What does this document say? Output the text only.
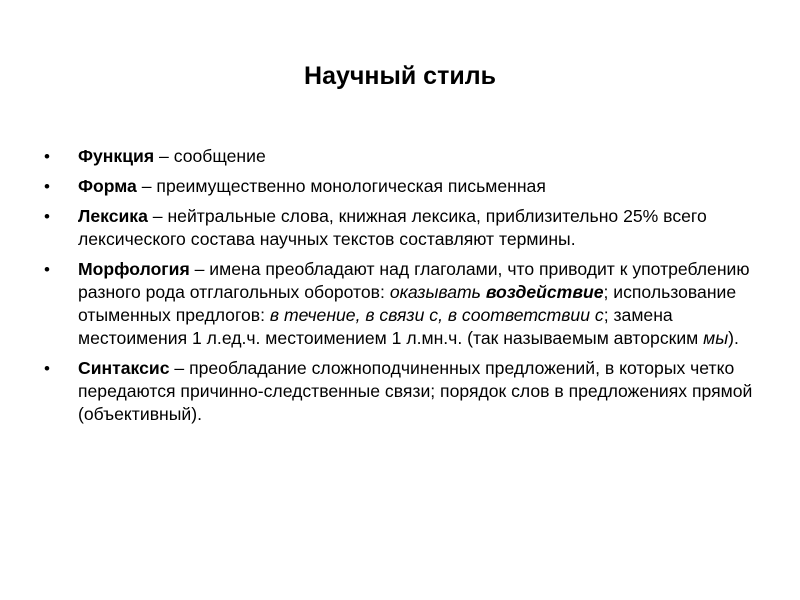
Научный стиль
•	Функция – сообщение
•	Форма – преимущественно монологическая письменная
•	Лексика – нейтральные слова, книжная лексика, приблизительно 25% всего лексического состава научных текстов составляют термины.
•	Морфология – имена преобладают над глаголами, что приводит к употреблению разного рода отглагольных оборотов: оказывать воздействие; использование отыменных предлогов: в течение, в связи с, в соответствии с; замена местоимения 1 л.ед.ч. местоимением 1 л.мн.ч. (так называемым авторским мы).
•	Синтаксис – преобладание сложноподчиненных предложений, в которых четко передаются причинно-следственные связи; порядок слов в предложениях прямой (объективный).
